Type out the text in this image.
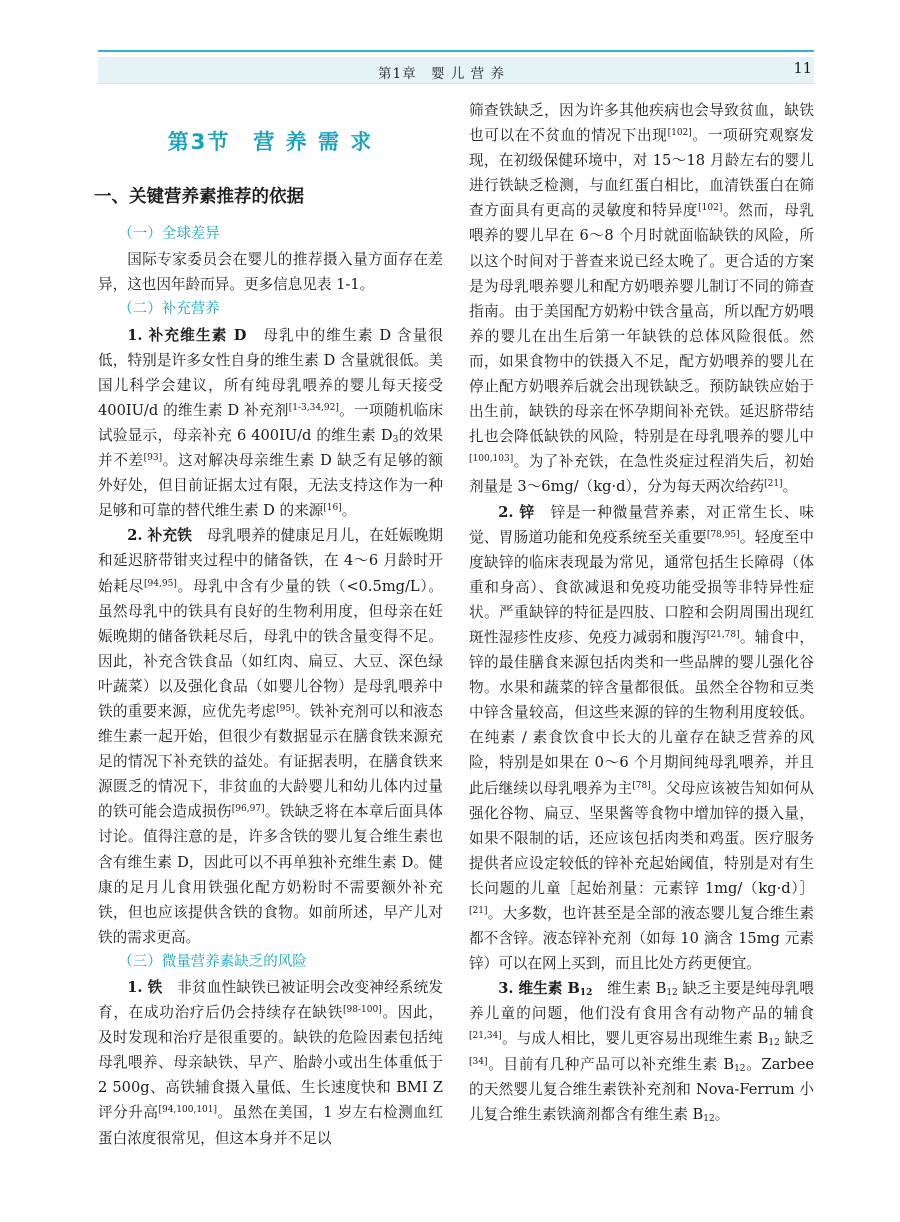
第1章　婴 儿 营 养	11
第3节　营 养 需 求
一、关键营养素推荐的依据
（一）全球差异

国际专家委员会在婴儿的推荐摄入量方面存在差异，这也因年龄而异。更多信息见表 1-1。

（二）补充营养

1. 补充维生素 D　母乳中的维生素 D 含量很低，特别是许多女性自身的维生素 D 含量就很低。美国儿科学会建议，所有纯母乳喂养的婴儿每天接受 400IU/d 的维生素 D 补充剂[1-3,34,92]。一项随机临床试验显示，母亲补充 6 400IU/d 的维生素 $D_3$的效果并不差[93]。这对解决母亲维生素 D 缺乏有足够的额外好处，但目前证据太过有限，无法支持这作为一种足够和可靠的替代维生素 D 的来源[16]。

2. 补充铁　母乳喂养的健康足月儿，在妊娠晚期和延迟脐带钳夹过程中的储备铁，在 4～6 月龄时开始耗尽[94,95]。母乳中含有少量的铁（<0.5mg/L）。虽然母乳中的铁具有良好的生物利用度，但母亲在妊娠晚期的储备铁耗尽后，母乳中的铁含量变得不足。因此，补充含铁食品（如红肉、扁豆、大豆、深色绿叶蔬菜）以及强化食品（如婴儿谷物）是母乳喂养中铁的重要来源，应优先考虑[95]。铁补充剂可以和液态维生素一起开始，但很少有数据显示在膳食铁来源充足的情况下补充铁的益处。有证据表明，在膳食铁来源匮乏的情况下，非贫血的大龄婴儿和幼儿体内过量的铁可能会造成损伤[96,97]。铁缺乏将在本章后面具体讨论。值得注意的是，许多含铁的婴儿复合维生素也含有维生素 D，因此可以不再单独补充维生素 D。健康的足月儿食用铁强化配方奶粉时不需要额外补充铁，但也应该提供含铁的食物。如前所述，早产儿对铁的需求更高。

（三）微量营养素缺乏的风险

1. 铁　非贫血性缺铁已被证明会改变神经系统发育，在成功治疗后仍会持续存在缺铁[98-100]。因此，及时发现和治疗是很重要的。缺铁的危险因素包括纯母乳喂养、母亲缺铁、早产、胎龄小或出生体重低于 2 500g、高铁辅食摄入量低、生长速度快和 BMI Z 评分升高[94,100,101]。虽然在美国，1 岁左右检测血红蛋白浓度很常见，但这本身并不足以

筛查铁缺乏，因为许多其他疾病也会导致贫血，缺铁也可以在不贫血的情况下出现[102]。一项研究观察发现，在初级保健环境中，对 15～18 月龄左右的婴儿进行铁缺乏检测，与血红蛋白相比，血清铁蛋白在筛查方面具有更高的灵敏度和特异度[102]。然而，母乳喂养的婴儿早在 6～8 个月时就面临缺铁的风险，所以这个时间对于普查来说已经太晚了。更合适的方案是为母乳喂养婴儿和配方奶喂养婴儿制订不同的筛查指南。由于美国配方奶粉中铁含量高，所以配方奶喂养的婴儿在出生后第一年缺铁的总体风险很低。然而，如果食物中的铁摄入不足，配方奶喂养的婴儿在停止配方奶喂养后就会出现铁缺乏。预防缺铁应始于出生前，缺铁的母亲在怀孕期间补充铁。延迟脐带结扎也会降低缺铁的风险，特别是在母乳喂养的婴儿中[100,103]。为了补充铁，在急性炎症过程消失后，初始剂量是 3～6mg/（kg·d），分为每天两次给药[21]。

2. 锌　锌是一种微量营养素，对正常生长、味觉、胃肠道功能和免疫系统至关重要[78,95]。轻度至中度缺锌的临床表现最为常见，通常包括生长障碍（体重和身高）、食欲减退和免疫功能受损等非特异性症状。严重缺锌的特征是四肢、口腔和会阴周围出现红斑性湿疹性皮疹、免疫力减弱和腹泻[21,78]。辅食中，锌的最佳膳食来源包括肉类和一些品牌的婴儿强化谷物。水果和蔬菜的锌含量都很低。虽然全谷物和豆类中锌含量较高，但这些来源的锌的生物利用度较低。在纯素 / 素食饮食中长大的儿童存在缺乏营养的风险，特别是如果在 0～6 个月期间纯母乳喂养，并且此后继续以母乳喂养为主[78]。父母应该被告知如何从强化谷物、扁豆、坚果酱等食物中增加锌的摄入量，如果不限制的话，还应该包括肉类和鸡蛋。医疗服务提供者应设定较低的锌补充起始阈值，特别是对有生长问题的儿童［起始剂量：元素锌 1mg/（kg·d）］[21]。大多数，也许甚至是全部的液态婴儿复合维生素都不含锌。液态锌补充剂（如每 10 滴含 15mg 元素锌）可以在网上买到，而且比处方药更便宜。

3. 维生素 $B_{12}$　维生素 $B_{12}$ 缺乏主要是纯母乳喂养儿童的问题，他们没有食用含有动物产品的辅食[21,34]。与成人相比，婴儿更容易出现维生素 $B_{12}$ 缺乏[34]。目前有几种产品可以补充维生素 $B_{12}$。Zarbee 的天然婴儿复合维生素铁补充剂和 Nova-Ferrum 小儿复合维生素铁滴剂都含有维生素 $B_{12}$。
